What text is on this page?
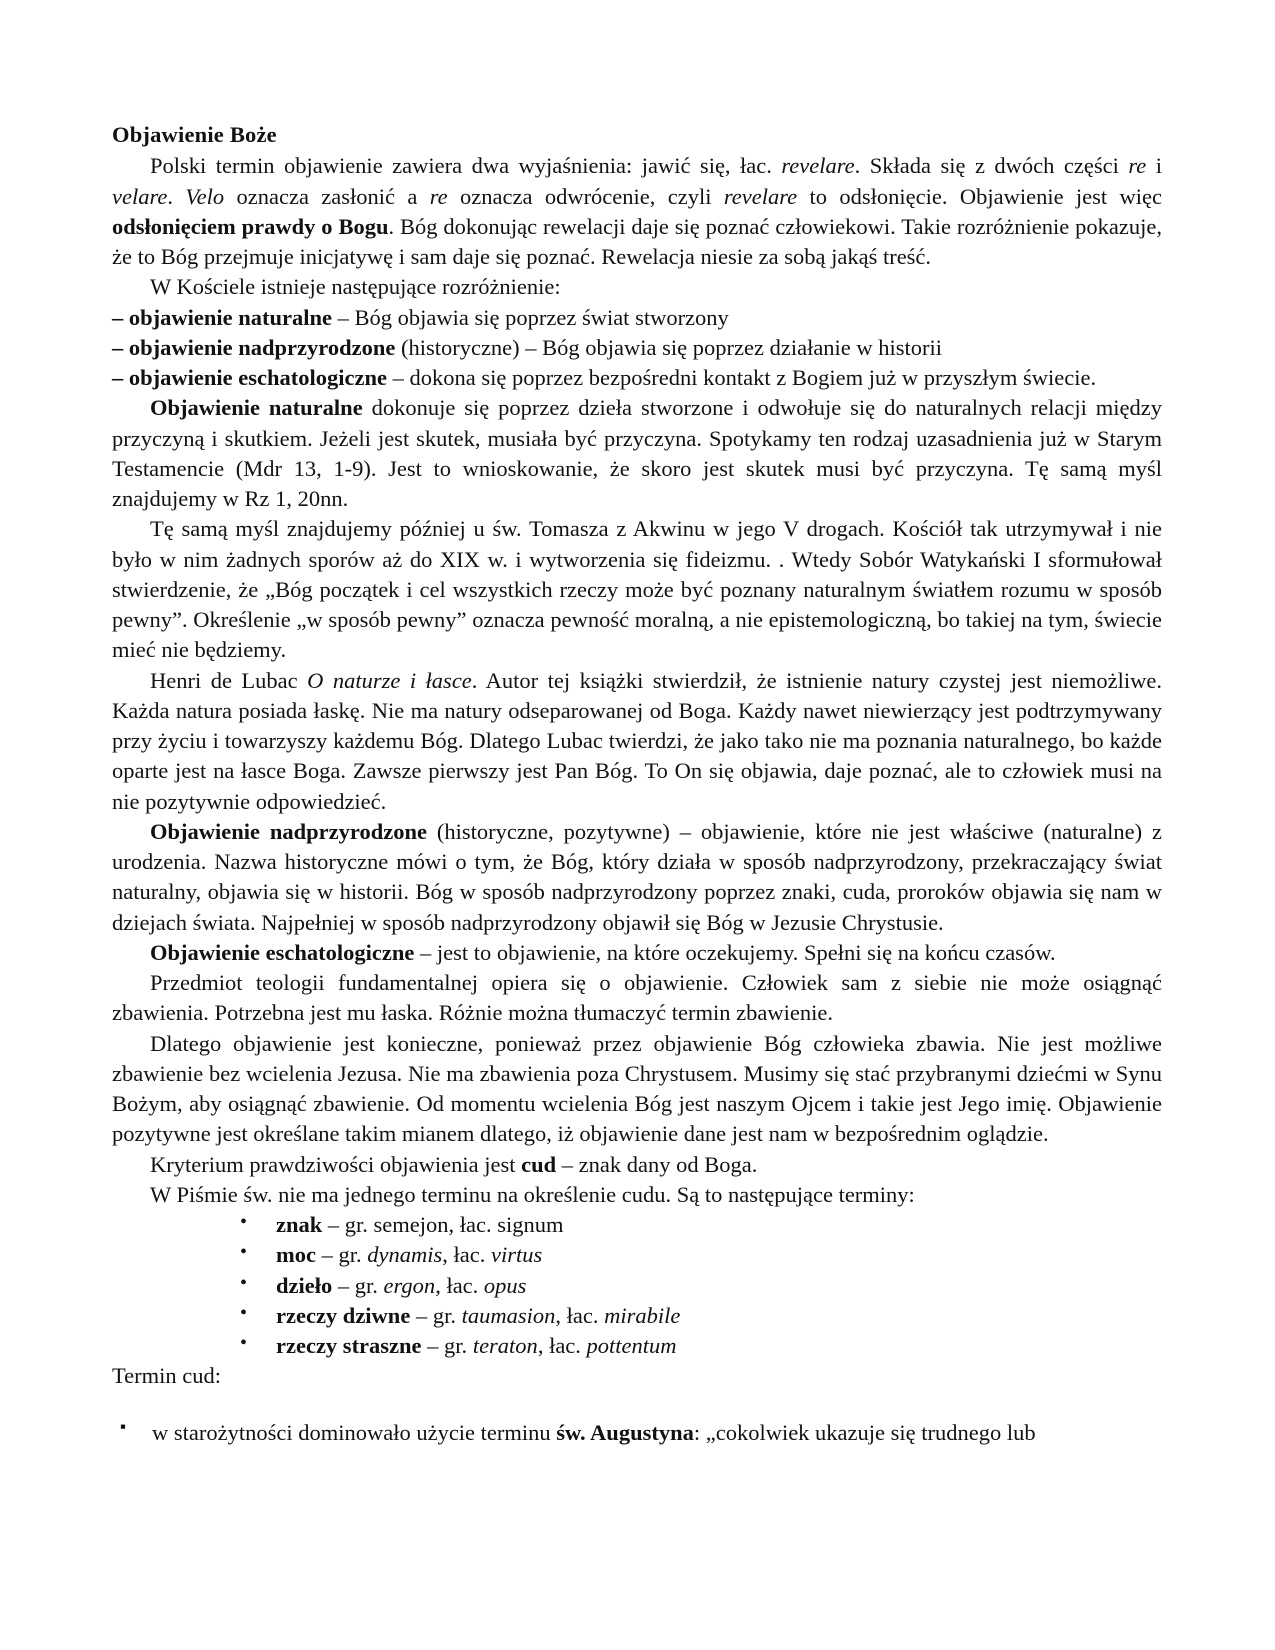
Objawienie Boże

Polski termin objawienie zawiera dwa wyjaśnienia: jawić się, łac. revelare. Składa się z dwóch części re i velare. Velo oznacza zasłonić a re oznacza odwrócenie, czyli revelare to odsłonięcie. Objawienie jest więc odsłonięciem prawdy o Bogu. Bóg dokonując rewelacji daje się poznać człowiekowi. Takie rozróżnienie pokazuje, że to Bóg przejmuje inicjatywę i sam daje się poznać. Rewelacja niesie za sobą jakąś treść.

W Kościele istnieje następujące rozróżnienie:

– objawienie naturalne – Bóg objawia się poprzez świat stworzony

– objawienie nadprzyrodzone (historyczne) – Bóg objawia się poprzez działanie w historii

– objawienie eschatologiczne – dokona się poprzez bezpośredni kontakt z Bogiem już w przyszłym świecie.

Objawienie naturalne dokonuje się poprzez dzieła stworzone i odwołuje się do naturalnych relacji między przyczyną i skutkiem. Jeżeli jest skutek, musiała być przyczyna. Spotykamy ten rodzaj uzasadnienia już w Starym Testamencie (Mdr 13, 1-9). Jest to wnioskowanie, że skoro jest skutek musi być przyczyna. Tę samą myśl znajdujemy w Rz 1, 20nn.

Tę samą myśl znajdujemy później u św. Tomasza z Akwinu w jego V drogach. Kościół tak utrzymywał i nie było w nim żadnych sporów aż do XIX w. i wytworzenia się fideizmu. . Wtedy Sobór Watykański I sformułował stwierdzenie, że „Bóg początek i cel wszystkich rzeczy może być poznany naturalnym światłem rozumu w sposób pewny”. Określenie „w sposób pewny” oznacza pewność moralną, a nie epistemologiczną, bo takiej na tym, świecie mieć nie będziemy.

Henri de Lubac O naturze i łasce. Autor tej książki stwierdził, że istnienie natury czystej jest niemożliwe. Każda natura posiada łaskę. Nie ma natury odseparowanej od Boga. Każdy nawet niewierzący jest podtrzymywany przy życiu i towarzyszy każdemu Bóg. Dlatego Lubac twierdzi, że jako tako nie ma poznania naturalnego, bo każde oparte jest na łasce Boga. Zawsze pierwszy jest Pan Bóg. To On się objawia, daje poznać, ale to człowiek musi na nie pozytywnie odpowiedzieć.

Objawienie nadprzyrodzone (historyczne, pozytywne) – objawienie, które nie jest właściwe (naturalne) z urodzenia. Nazwa historyczne mówi o tym, że Bóg, który działa w sposób nadprzyrodzony, przekraczający świat naturalny, objawia się w historii. Bóg w sposób nadprzyrodzony poprzez znaki, cuda, proroków objawia się nam w dziejach świata. Najpełniej w sposób nadprzyrodzony objawił się Bóg w Jezusie Chrystusie.

Objawienie eschatologiczne – jest to objawienie, na które oczekujemy. Spełni się na końcu czasów.

Przedmiot teologii fundamentalnej opiera się o objawienie. Człowiek sam z siebie nie może osiągnąć zbawienia. Potrzebna jest mu łaska. Różnie można tłumaczyć termin zbawienie.

Dlatego objawienie jest konieczne, ponieważ przez objawienie Bóg człowieka zbawia. Nie jest możliwe zbawienie bez wcielenia Jezusa. Nie ma zbawienia poza Chrystusem. Musimy się stać przybranymi dziećmi w Synu Bożym, aby osiągnąć zbawienie. Od momentu wcielenia Bóg jest naszym Ojcem i takie jest Jego imię. Objawienie pozytywne jest określane takim mianem dlatego, iż objawienie dane jest nam w bezpośrednim oglądzie.

Kryterium prawdziwości objawienia jest cud – znak dany od Boga.

W Piśmie św. nie ma jednego terminu na określenie cudu. Są to następujące terminy:

• znak – gr. semejon, łac. signum
• moc – gr. dynamis, łac. virtus
• dzieło – gr. ergon, łac. opus
• rzeczy dziwne – gr. taumasion, łac. mirabile
• rzeczy straszne – gr. teraton, łac. pottentum

Termin cud:

▪ w starożytności dominowało użycie terminu św. Augustyna: „cokolwiek ukazuje się trudnego lub
